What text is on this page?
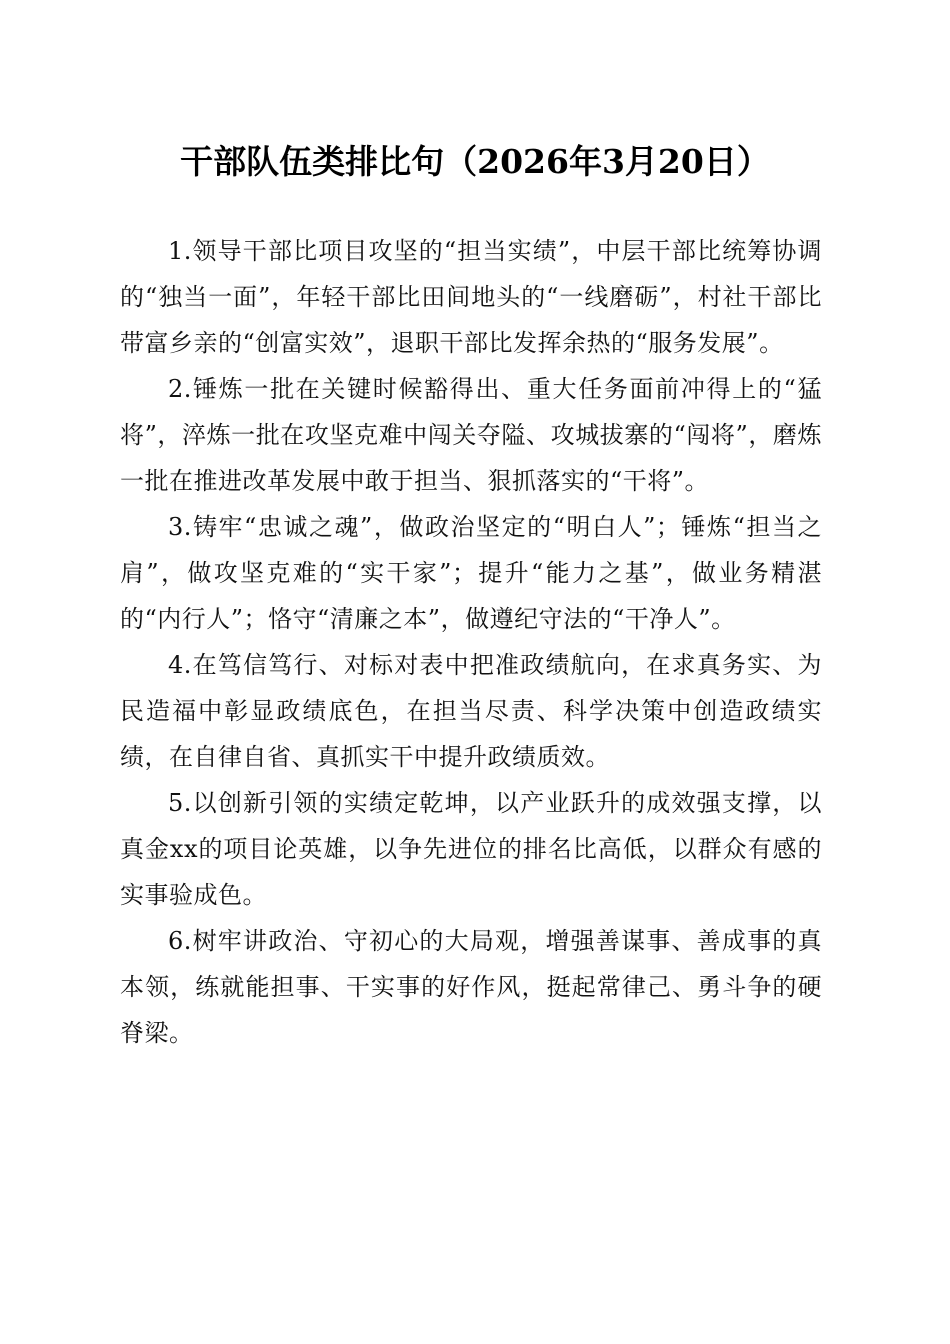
干部队伍类排比句（2026年3月20日）

1.领导干部比项目攻坚的“担当实绩”，中层干部比统筹协调的“独当一面”，年轻干部比田间地头的“一线磨砺”，村社干部比带富乡亲的“创富实效”，退职干部比发挥余热的“服务发展”。

2.锤炼一批在关键时候豁得出、重大任务面前冲得上的“猛将”，淬炼一批在攻坚克难中闯关夺隘、攻城拔寨的“闯将”，磨炼一批在推进改革发展中敢于担当、狠抓落实的“干将”。

3.铸牢“忠诚之魂”，做政治坚定的“明白人”；锤炼“担当之肩”，做攻坚克难的“实干家”；提升“能力之基”，做业务精湛的“内行人”；恪守“清廉之本”，做遵纪守法的“干净人”。

4.在笃信笃行、对标对表中把准政绩航向，在求真务实、为民造福中彰显政绩底色，在担当尽责、科学决策中创造政绩实绩，在自律自省、真抓实干中提升政绩质效。

5.以创新引领的实绩定乾坤，以产业跃升的成效强支撑，以真金xx的项目论英雄，以争先进位的排名比高低，以群众有感的实事验成色。

6.树牢讲政治、守初心的大局观，增强善谋事、善成事的真本领，练就能担事、干实事的好作风，挺起常律己、勇斗争的硬脊梁。
